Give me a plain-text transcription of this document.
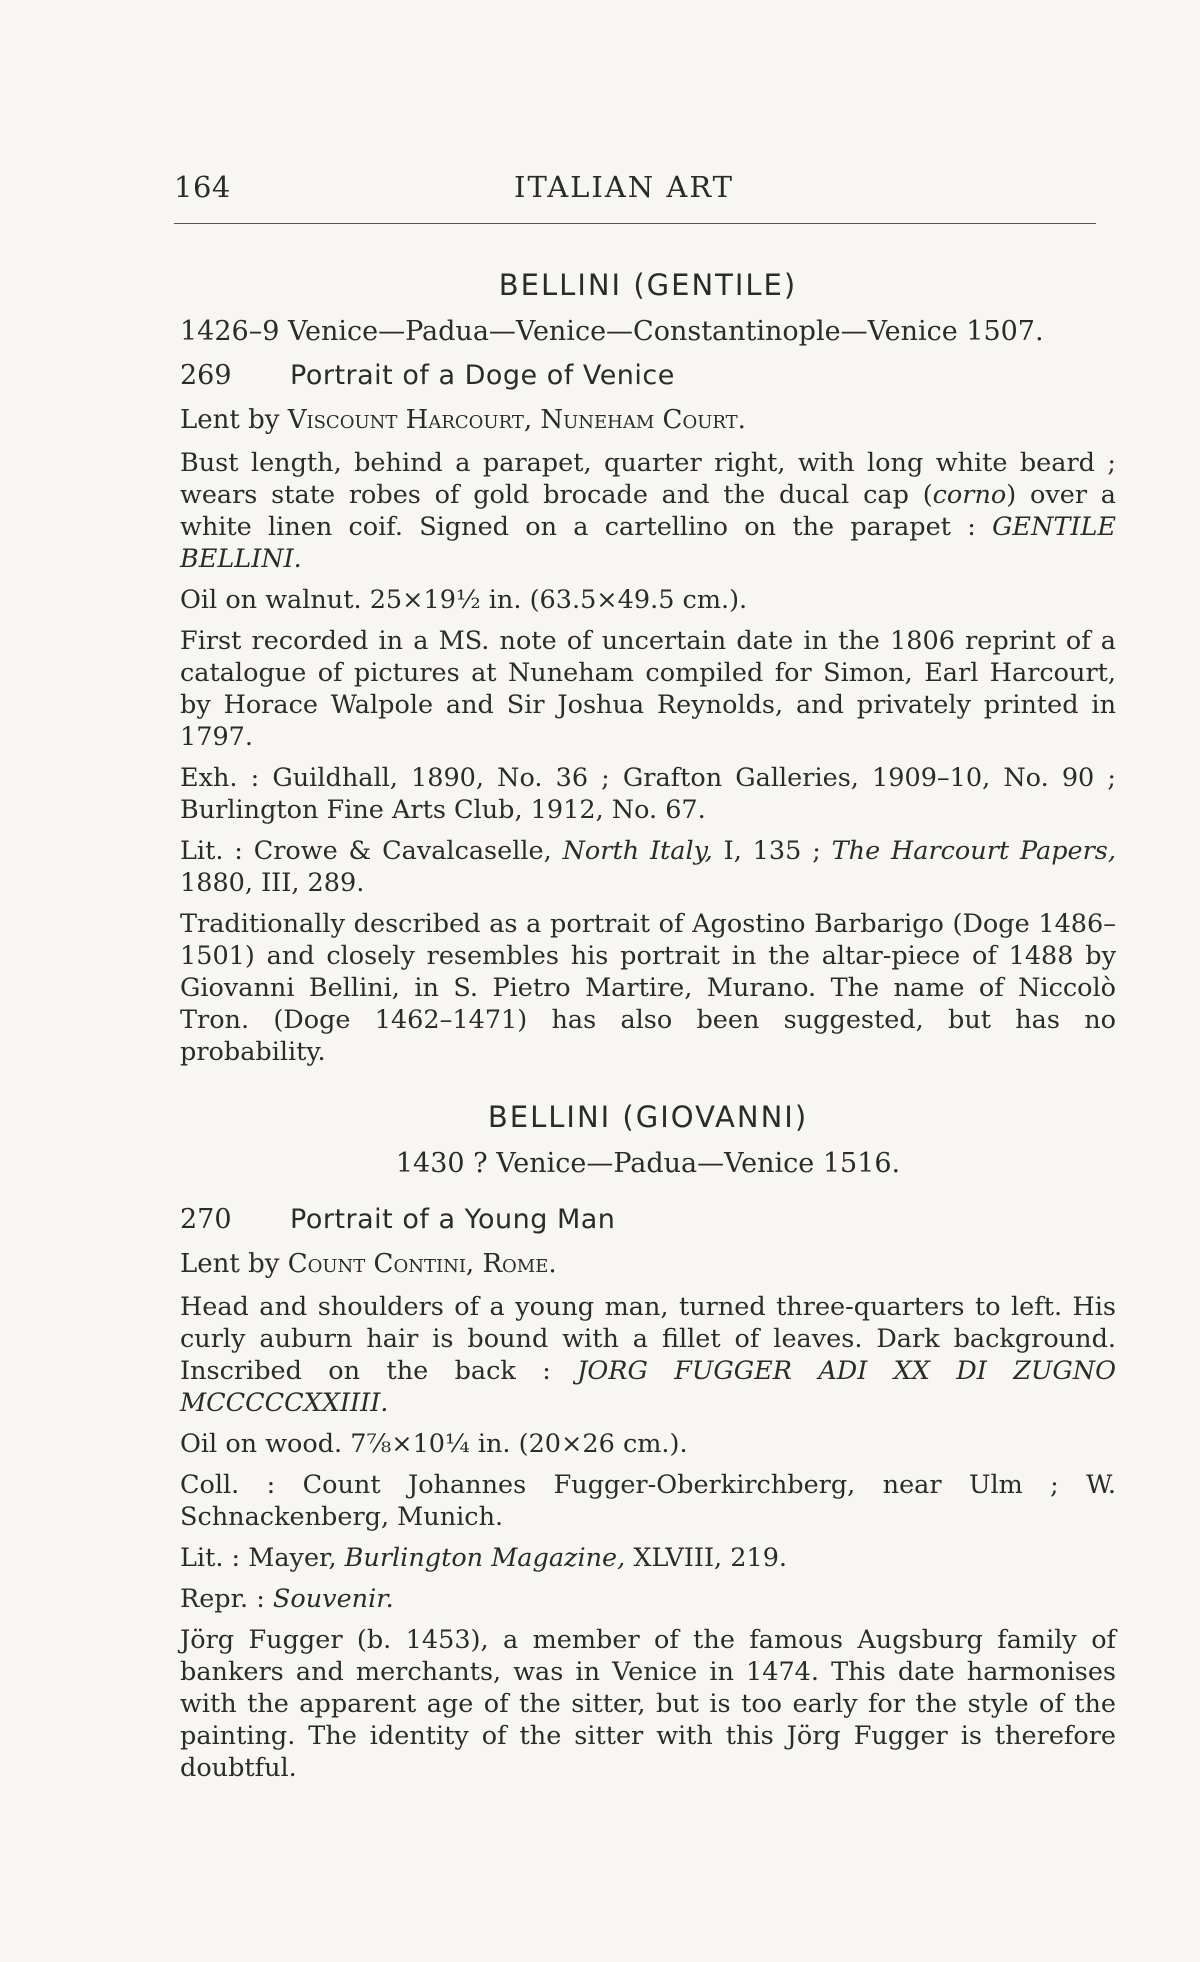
164	ITALIAN ART
BELLINI (GENTILE)
1426–9 Venice—Padua—Venice—Constantinople—Venice 1507.
269	Portrait of a Doge of Venice
Lent by Viscount Harcourt, Nuneham Court.
Bust length, behind a parapet, quarter right, with long white beard ; wears state robes of gold brocade and the ducal cap (corno) over a white linen coif. Signed on a cartellino on the parapet : GENTILE BELLINI.
Oil on walnut. 25×19½ in. (63.5×49.5 cm.).
First recorded in a MS. note of uncertain date in the 1806 reprint of a catalogue of pictures at Nuneham compiled for Simon, Earl Harcourt, by Horace Walpole and Sir Joshua Reynolds, and privately printed in 1797.
Exh. : Guildhall, 1890, No. 36 ; Grafton Galleries, 1909–10, No. 90 ; Burlington Fine Arts Club, 1912, No. 67.
Lit. : Crowe & Cavalcaselle, North Italy, I, 135 ; The Harcourt Papers, 1880, III, 289.
Traditionally described as a portrait of Agostino Barbarigo (Doge 1486–1501) and closely resembles his portrait in the altar-piece of 1488 by Giovanni Bellini, in S. Pietro Martire, Murano. The name of Niccolò Tron. (Doge 1462–1471) has also been suggested, but has no probability.
BELLINI (GIOVANNI)
1430 ? Venice—Padua—Venice 1516.
270	Portrait of a Young Man
Lent by Count Contini, Rome.
Head and shoulders of a young man, turned three-quarters to left. His curly auburn hair is bound with a fillet of leaves. Dark background. Inscribed on the back : JORG FUGGER ADI XX DI ZUGNO MCCCCCXXIIII.
Oil on wood. 7⅞×10¼ in. (20×26 cm.).
Coll. : Count Johannes Fugger-Oberkirchberg, near Ulm ; W. Schnackenberg, Munich.
Lit. : Mayer, Burlington Magazine, XLVIII, 219.
Repr. : Souvenir.
Jörg Fugger (b. 1453), a member of the famous Augsburg family of bankers and merchants, was in Venice in 1474. This date harmonises with the apparent age of the sitter, but is too early for the style of the painting. The identity of the sitter with this Jörg Fugger is therefore doubtful.
